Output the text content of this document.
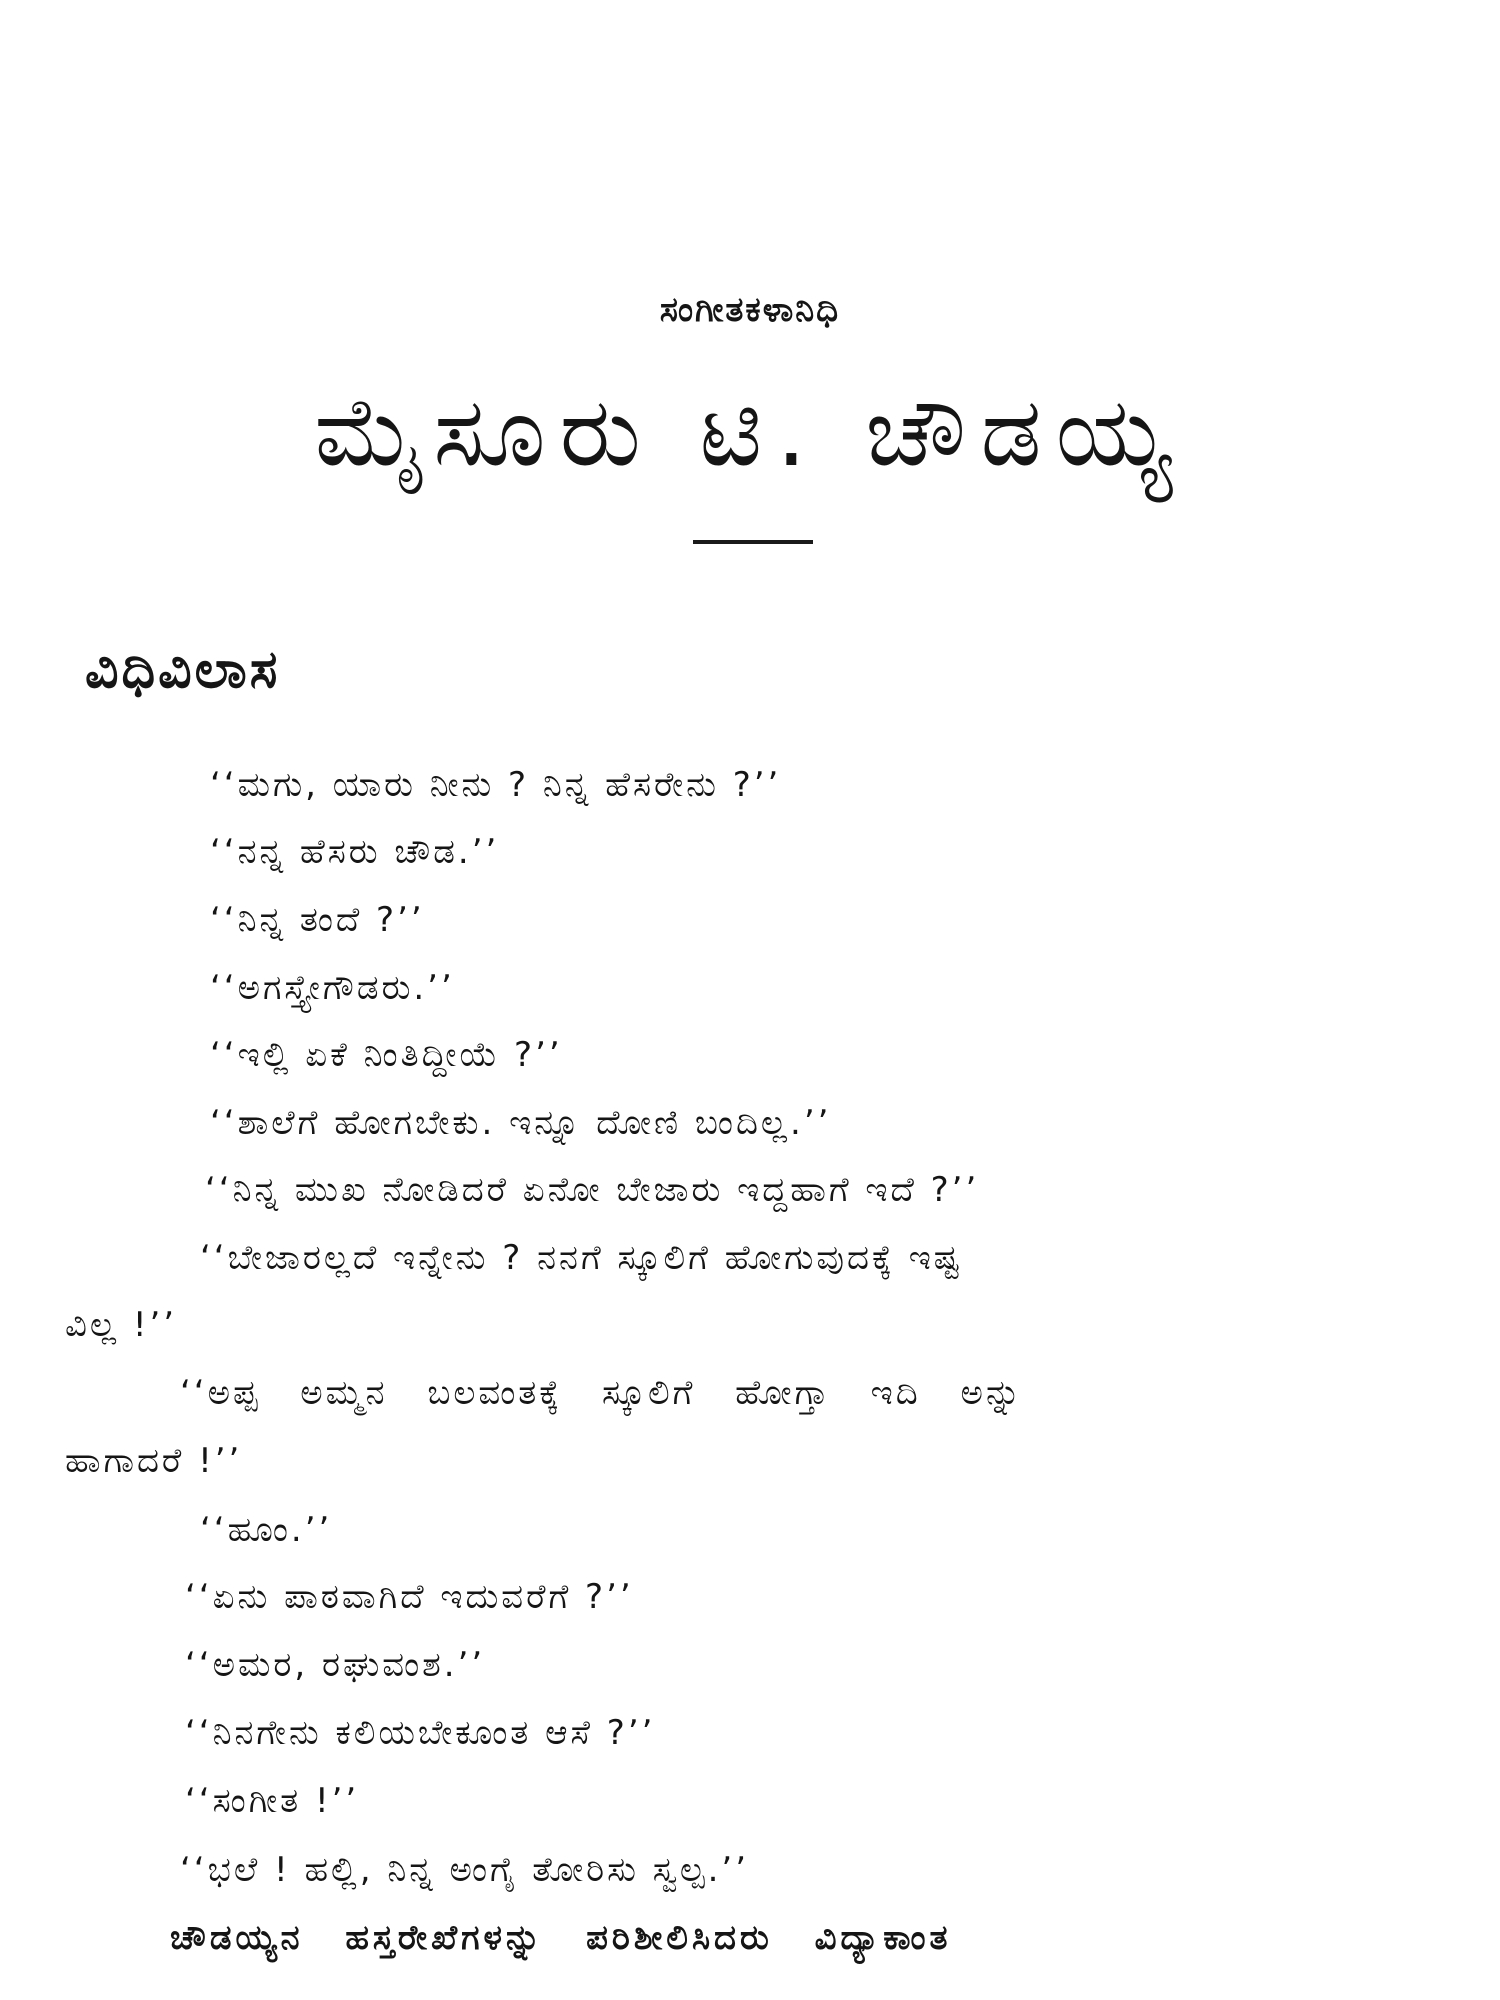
ಸಂಗೀತಕಳಾನಿಧಿ
ಮೈಸೂರು ಟಿ. ಚೌಡಯ್ಯ
ವಿಧಿವಿಲಾಸ
‘‘ಮಗು, ಯಾರು ನೀನು ? ನಿನ್ನ ಹೆಸರೇನು ?’’
‘‘ನನ್ನ ಹೆಸರು ಚೌಡ.’’
‘‘ನಿನ್ನ ತಂದೆ ?’’
‘‘ಅಗಸ್ತ್ಯೇಗೌಡರು.’’
‘‘ಇಲ್ಲಿ ಏಕೆ ನಿಂತಿದ್ದೀಯೆ ?’’
‘‘ಶಾಲೆಗೆ ಹೋಗಬೇಕು. ಇನ್ನೂ ದೋಣಿ ಬಂದಿಲ್ಲ.’’
‘‘ನಿನ್ನ ಮುಖ ನೋಡಿದರೆ ಏನೋ ಬೇಜಾರು ಇದ್ದಹಾಗೆ ಇದೆ ?’’
‘‘ಬೇಜಾರಲ್ಲದೆ ಇನ್ನೇನು ? ನನಗೆ ಸ್ಕೂಲಿಗೆ ಹೋಗುವುದಕ್ಕೆ ಇಷ್ಟ
ವಿಲ್ಲ !’’
‘‘ಅಪ್ಪ ಅಮ್ಮನ ಬಲವಂತಕ್ಕೆ ಸ್ಕೂಲಿಗೆ ಹೋಗ್ತಾ ಇದಿ ಅನ್ನು
ಹಾಗಾದರೆ !’’
‘‘ಹೂಂ.’’
‘‘ಏನು ಪಾಠವಾಗಿದೆ ಇದುವರೆಗೆ ?’’
‘‘ಅಮರ, ರಘುವಂಶ.’’
‘‘ನಿನಗೇನು ಕಲಿಯಬೇಕೂಂತ ಆಸೆ ?’’
‘‘ಸಂಗೀತ !’’
‘‘ಭಲೆ ! ಹಲ್ಲಿ, ನಿನ್ನ ಅಂಗೈ ತೋರಿಸು ಸ್ವಲ್ಪ.’’
ಚೌಡಯ್ಯನ ಹಸ್ತರೇಖೆಗಳನ್ನು ಪರಿಶೀಲಿಸಿದರು ವಿದ್ಯಾಕಾಂತ
